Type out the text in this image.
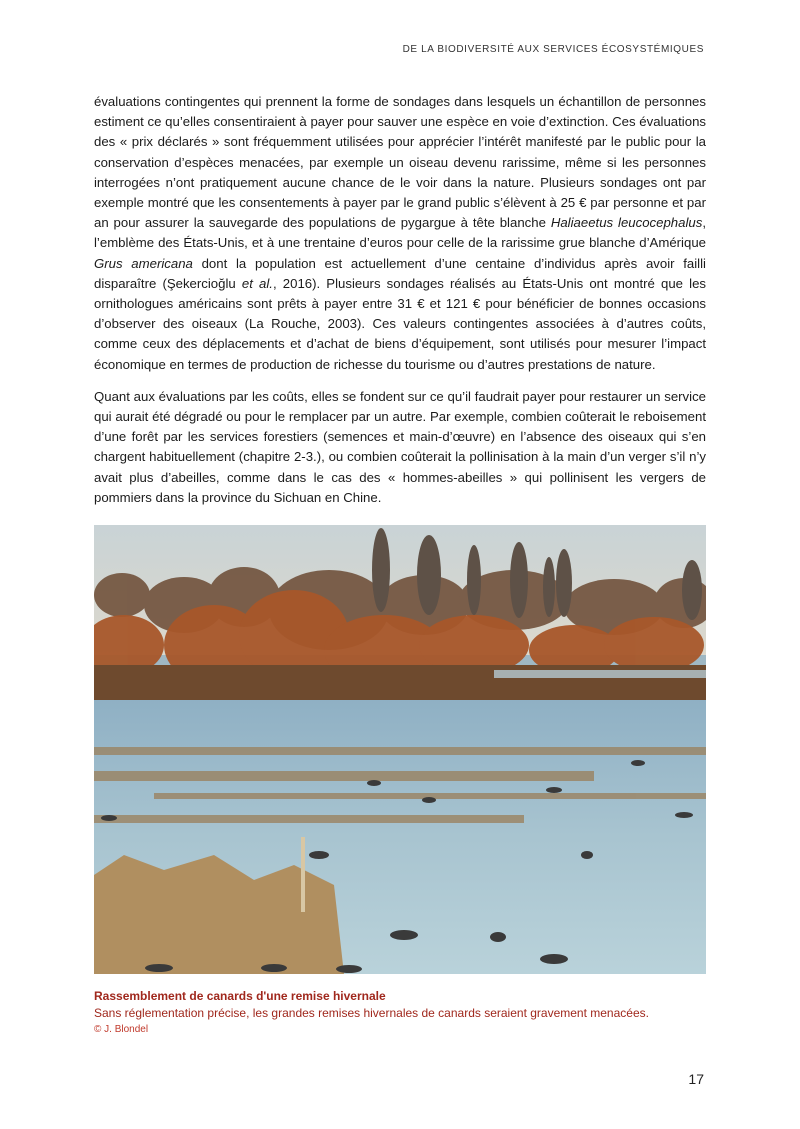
DE LA BIODIVERSITÉ AUX SERVICES ÉCOSYSTÉMIQUES

évaluations contingentes qui prennent la forme de sondages dans lesquels un échantillon de personnes estiment ce qu’elles consentiraient à payer pour sauver une espèce en voie d’extinction. Ces évaluations des « prix déclarés » sont fréquemment utilisées pour apprécier l’intérêt manifesté par le public pour la conservation d’espèces menacées, par exemple un oiseau devenu rarissime, même si les personnes interrogées n’ont pratiquement aucune chance de le voir dans la nature. Plusieurs sondages ont par exemple montré que les consentements à payer par le grand public s’élèvent à 25 € par personne et par an pour assurer la sauvegarde des populations de pygargue à tête blanche Haliaeetus leucocephalus, l’emblème des États-Unis, et à une trentaine d’euros pour celle de la rarissime grue blanche d’Amérique Grus americana dont la population est actuellement d’une centaine d’individus après avoir failli disparaître (Şekercioğlu et al., 2016). Plusieurs sondages réalisés au États-Unis ont montré que les ornithologues américains sont prêts à payer entre 31 € et 121 € pour bénéficier de bonnes occasions d’observer des oiseaux (La Rouche, 2003). Ces valeurs contingentes associées à d’autres coûts, comme ceux des déplacements et d’achat de biens d’équipement, sont utilisés pour mesurer l’impact économique en termes de production de richesse du tourisme ou d’autres prestations de nature.

Quant aux évaluations par les coûts, elles se fondent sur ce qu’il faudrait payer pour restaurer un service qui aurait été dégradé ou pour le remplacer par un autre. Par exemple, combien coûterait le reboisement d’une forêt par les services forestiers (semences et main-d’œuvre) en l’absence des oiseaux qui s’en chargent habituellement (chapitre 2-3.), ou combien coûterait la pollinisation à la main d’un verger s’il n’y avait plus d’abeilles, comme dans le cas des « hommes-abeilles » qui pollinisent les vergers de pommiers dans la province du Sichuan en Chine.

Rassemblement de canards d'une remise hivernale
Sans réglementation précise, les grandes remises hivernales de canards seraient gravement menacées.
© J. Blondel
17
